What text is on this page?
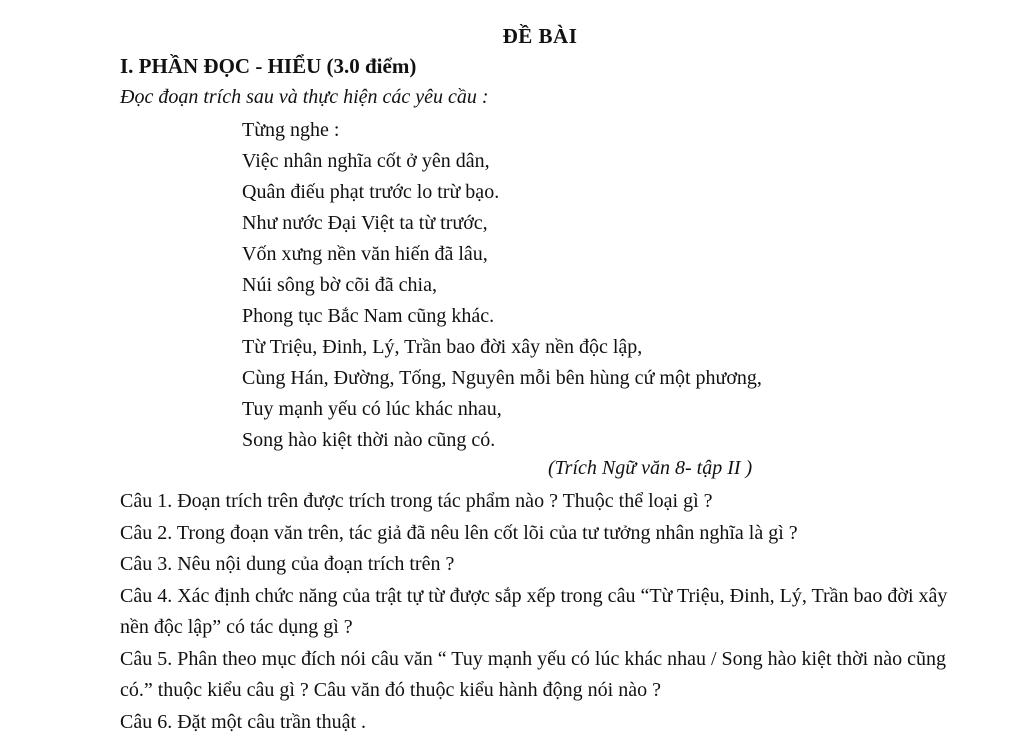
ĐỀ BÀI
I. PHẦN ĐỌC - HIỂU (3.0 điểm)
Đọc đoạn trích sau và thực hiện các yêu cầu :
Từng nghe :
Việc nhân nghĩa cốt ở yên dân,
Quân điếu phạt trước lo trừ bạo.
Như nước Đại Việt ta từ trước,
Vốn xưng nền văn hiến đã lâu,
Núi sông bờ cõi đã chia,
Phong tục Bắc Nam cũng khác.
Từ Triệu, Đinh, Lý, Trần bao đời xây nền độc lập,
Cùng Hán, Đường, Tống, Nguyên mỗi bên hùng cứ một phương,
Tuy mạnh yếu có lúc khác nhau,
Song hào kiệt thời nào cũng có.
(Trích Ngữ văn 8- tập II )
Câu 1. Đoạn trích trên được trích trong tác phẩm nào ? Thuộc thể loại gì ?
Câu 2. Trong đoạn văn trên, tác giả đã nêu lên cốt lõi của tư tưởng nhân nghĩa là gì ?
Câu 3. Nêu nội dung của đoạn trích trên ?
Câu 4. Xác định chức năng của trật tự từ được sắp xếp trong câu “Từ Triệu, Đinh, Lý, Trần bao đời xây nền độc lập” có tác dụng gì ?
Câu 5. Phân theo mục đích nói câu văn “ Tuy mạnh yếu có lúc khác nhau / Song hào kiệt thời nào cũng có.” thuộc kiểu câu gì ? Câu văn đó thuộc kiểu hành động nói nào ?
Câu 6. Đặt một câu trần thuật .
